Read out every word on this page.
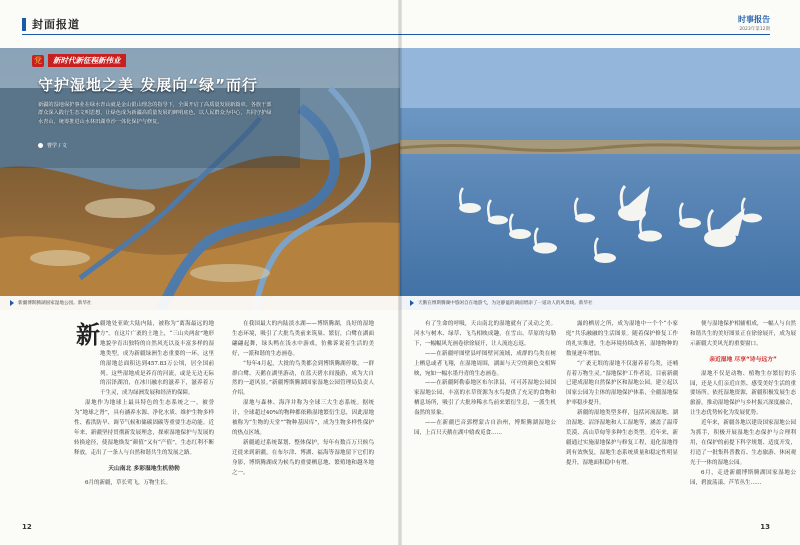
封面报道
新疆博斯腾湖国家湿地公园。新华社
党	新时代新征程新伟业
守护湿地之美 发展向“绿”而行
新疆的湿地保护事业在绿水青山就是金山银山理念的指导下，全面开启了高质量发展新篇章。各族干部群众深入践行生态文明思想，让绿色成为新疆高质量发展的鲜明底色，以人民群众为中心，共同守护绿水青山，统筹推进山水林田湖草沙一体化保护与修复。
曹学 / 文
新 疆地处亚欧大陆内陆，被称为“离海最远的地方”。在这片广袤的土地上，“三山夹两盆”地形地貌孕育出独特的自然风光以及丰富多样的湿地类型，成为新疆绿洲生态重要的一环。这里的湿地总面积达到457.83万公顷，居全国前列。这些湿地成是养育的河流，或是无边无际的沼泽湖泊，在冰川融水的滋养下，滋养着万千生灵，成为绿洲发展和经济的保障。

湿地作为地球上最具特色的生态系统之一，被誉为“地球之肾”，具有涵养水源、净化水质、维护生物多样性、蓄洪防旱、调节气候和储碳固碳等重要生态功能。近年来，新疆坚持贯彻新发展理念，探索湿地保护与发展的转换途径，使湿地焕发“颜值”又有“产值”，生态红利不断释放，走出了一条人与自然和谐共生的发展之路。

天山南北 多彩湿地生机勃勃

6月的新疆，草长莺飞，万物生长。

在我国最大的内陆淡水湖——博斯腾湖，良好的湿地生态环境，吸引了大批鸟类前来筑巢、繁衍，白鹭在湖面翩翩起舞，绿头鸭在浅水中游戏，仿佛诉说着生活的美好，一派和谐的生态画卷。

“每年4月起，大批的鸟类都会到博斯腾湖停歇，一群群白鹭、天鹅在湖里游动，在蓝天碧水间漫游，成为大自然的一道风景。”新疆博斯腾湖国家湿地公园管理局负责人介绍。

湿地与森林、海洋并称为全球三大生态系统。据统计，全球超过40%的物种都依赖湿地繁衍生息，因此湿地被称为“生物的天堂”“物种基因库”，成为生物多样性保护的热点区域。

新疆通过系统谋划、整体保护，每年有数百万只候鸟迁徙来到新疆，在布尔津、博湖、福海等湿地留下它们的身影，博斯腾湖成为候鸟的重要栖息地、繁殖地和越冬地之一。

12
时事报告
2023年第12期
天鹅在博斯腾湖中悠闲自在地游弋，为这静谧的湖面增添了一道动人的风景线。新华社

有了生命的呼吸，天山南北的湿地就有了灵动之美。河水与树木、绿草、飞鸟相映成趣，在雪山、草原的勾勒下，一幅幅风光画卷徐徐展开，让人流连忘返。

——在新疆呼图壁县呼图壁河流域，成群的鸟类在树上栖息或者飞翔，在湿地周围，湖面与天空的颜色交相辉映，宛如一幅水墨丹青的生态画卷。

——在新疆阿勒泰地区布尔津县，可可苏湿地公园国家湿地公园，丰富的水草资源为水鸟提供了充足的食物和栖息场所，吸引了大批珍稀水鸟前来繁衍生息，一派生机盎然的景象。

——在新疆巴音郭楞蒙古自治州，博斯腾湖湿地公园，上百只天鹅在湖中嬉戏觅食……

露的栖居之所，成为湿地中一个个“小家庭”共乐融融的生活图景。随着保护修复工作的扎实推进，生态环境持续改善，湿地物种的数量逐年增加。

“广袤无垠的湿地不仅滋养着鸟类，还哺育着万物生灵。”湿地保护工作者说，目前新疆已建成湿地自然保护区和湿地公园，建立起以国家公园为主体的湿地保护体系，全疆湿地保护率稳步提升。

新疆的湿地类型多样，包括河流湿地、湖泊湿地、沼泽湿地和人工湿地等，涵盖了温带荒漠、高山草甸等多种生态类型。近年来，新疆通过实施湿地保护与修复工程，退化湿地得到有效恢复，湿地生态系统质量和稳定性明显提升，湿地面积稳中有增。

便与湿地保护相辅相成，一幅人与自然和谐共生的美好图景正在徐徐展开，成为展示新疆大美风光的重要窗口。

亲近湿地 尽享“诗与远方”

湿地不仅是动物、植物生存繁衍的乐园，还是人们亲近自然、感受美好生活的重要场所。依托湿地资源，新疆积极发展生态旅游，推动湿地保护与乡村振兴深度融合，让生态优势转化为发展优势。

近年来，新疆各地以建设国家湿地公园为抓手，积极开展湿地生态保护与合理利用，在保护的前提下科学规划、适度开发，打造了一批集科普教育、生态旅游、休闲观光于一体的湿地公园。

6月，走进新疆博斯腾湖国家湿地公园，碧波荡漾、芦苇丛生……

13
